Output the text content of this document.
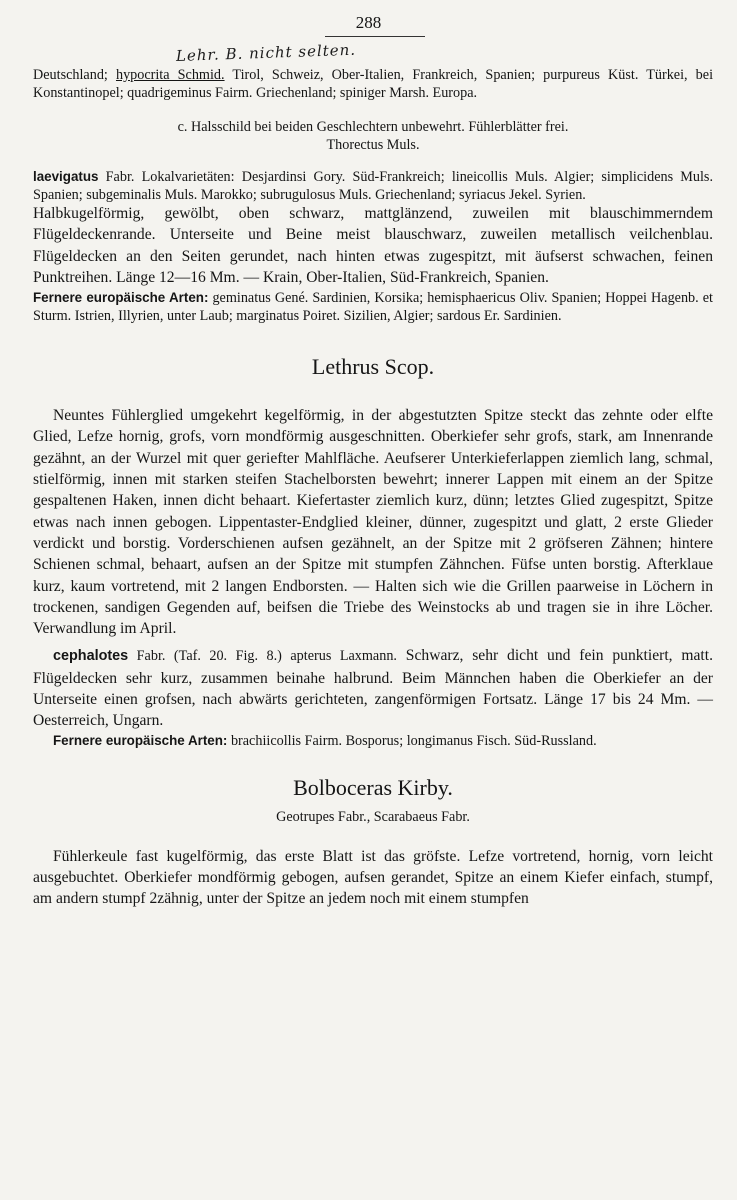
288
Lehr. B. nicht selten.

Deutschland; hypocrita Schmid. Tirol, Schweiz, Ober-Italien, Frankreich, Spanien; purpureus Küst. Türkei, bei Konstantinopel; quadrigeminus Fairm. Griechenland; spiniger Marsh. Europa.

c. Halsschild bei beiden Geschlechtern unbewehrt. Fühlerblätter frei.

Thorectus Muls.

laevigatus Fabr. Lokalvarietäten: Desjardinsi Gory. Süd-Frankreich; lineicollis Muls. Algier; simplicidens Muls. Spanien; subgeminalis Muls. Marokko; subrugulosus Muls. Griechenland; syriacus Jekel. Syrien.

Halbkugelförmig, gewölbt, oben schwarz, mattglänzend, zuweilen mit blauschimmerndem Flügeldeckenrande. Unterseite und Beine meist blauschwarz, zuweilen metallisch veilchenblau. Flügeldecken an den Seiten gerundet, nach hinten etwas zugespitzt, mit äufserst schwachen, feinen Punktreihen. Länge 12—16 Mm. — Krain, Ober-Italien, Süd-Frankreich, Spanien.

Fernere europäische Arten: geminatus Gené. Sardinien, Korsika; hemisphaericus Oliv. Spanien; Hoppei Hagenb. et Sturm. Istrien, Illyrien, unter Laub; marginatus Poiret. Sizilien, Algier; sardous Er. Sardinien.

Lethrus Scop.

Neuntes Fühlerglied umgekehrt kegelförmig, in der abgestutzten Spitze steckt das zehnte oder elfte Glied, Lefze hornig, grofs, vorn mondförmig ausgeschnitten. Oberkiefer sehr grofs, stark, am Innenrande gezähnt, an der Wurzel mit quer geriefter Mahlfläche. Aeufserer Unterkieferlappen ziemlich lang, schmal, stielförmig, innen mit starken steifen Stachelborsten bewehrt; innerer Lappen mit einem an der Spitze gespaltenen Haken, innen dicht behaart. Kiefertaster ziemlich kurz, dünn; letztes Glied zugespitzt, Spitze etwas nach innen gebogen. Lippentaster-Endglied kleiner, dünner, zugespitzt und glatt, 2 erste Glieder verdickt und borstig. Vorderschienen aufsen gezähnelt, an der Spitze mit 2 gröfseren Zähnen; hintere Schienen schmal, behaart, aufsen an der Spitze mit stumpfen Zähnchen. Füfse unten borstig. Afterklaue kurz, kaum vortretend, mit 2 langen Endborsten. — Halten sich wie die Grillen paarweise in Löchern in trockenen, sandigen Gegenden auf, beifsen die Triebe des Weinstocks ab und tragen sie in ihre Löcher. Verwandlung im April.

cephalotes Fabr. (Taf. 20. Fig. 8.) apterus Laxmann. Schwarz, sehr dicht und fein punktiert, matt. Flügeldecken sehr kurz, zusammen beinahe halbrund. Beim Männchen haben die Oberkiefer an der Unterseite einen grofsen, nach abwärts gerichteten, zangenförmigen Fortsatz. Länge 17 bis 24 Mm. — Oesterreich, Ungarn.

Fernere europäische Arten: brachiicollis Fairm. Bosporus; longimanus Fisch. Süd-Russland.

Bolboceras Kirby.

Geotrupes Fabr., Scarabaeus Fabr.

Fühlerkeule fast kugelförmig, das erste Blatt ist das gröfste. Lefze vortretend, hornig, vorn leicht ausgebuchtet. Oberkiefer mondförmig gebogen, aufsen gerandet, Spitze an einem Kiefer einfach, stumpf, am andern stumpf 2zähnig, unter der Spitze an jedem noch mit einem stumpfen
